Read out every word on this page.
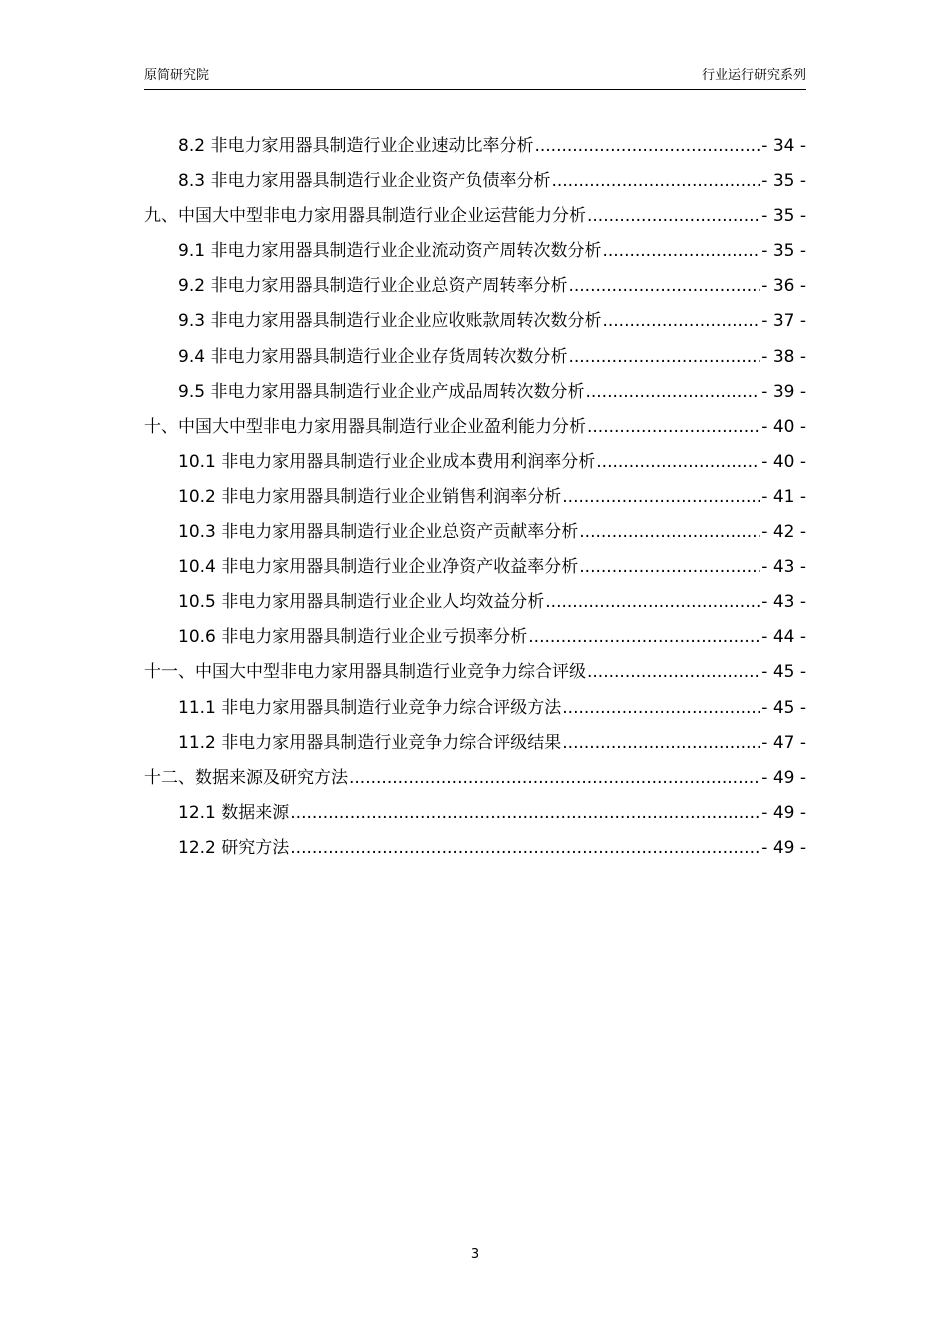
原简研究院	行业运行研究系列
8.2 非电力家用器具制造行业企业速动比率分析 .....	- 34 -
8.3 非电力家用器具制造行业企业资产负债率分析 .....	- 35 -
九、中国大中型非电力家用器具制造行业企业运营能力分析 .....	- 35 -
9.1 非电力家用器具制造行业企业流动资产周转次数分析 .....	- 35 -
9.2 非电力家用器具制造行业企业总资产周转率分析 .....	- 36 -
9.3 非电力家用器具制造行业企业应收账款周转次数分析 .....	- 37 -
9.4 非电力家用器具制造行业企业存货周转次数分析 .....	- 38 -
9.5 非电力家用器具制造行业企业产成品周转次数分析 .....	- 39 -
十、中国大中型非电力家用器具制造行业企业盈利能力分析 .....	- 40 -
10.1 非电力家用器具制造行业企业成本费用利润率分析 .....	- 40 -
10.2 非电力家用器具制造行业企业销售利润率分析 .....	- 41 -
10.3 非电力家用器具制造行业企业总资产贡献率分析 .....	- 42 -
10.4 非电力家用器具制造行业企业净资产收益率分析 .....	- 43 -
10.5 非电力家用器具制造行业企业人均效益分析 .....	- 43 -
10.6 非电力家用器具制造行业企业亏损率分析 .....	- 44 -
十一、中国大中型非电力家用器具制造行业竞争力综合评级 .....	- 45 -
11.1 非电力家用器具制造行业竞争力综合评级方法 .....	- 45 -
11.2 非电力家用器具制造行业竞争力综合评级结果 .....	- 47 -
十二、数据来源及研究方法 .....	- 49 -
12.1 数据来源 .....	- 49 -
12.2 研究方法 .....	- 49 -
3
